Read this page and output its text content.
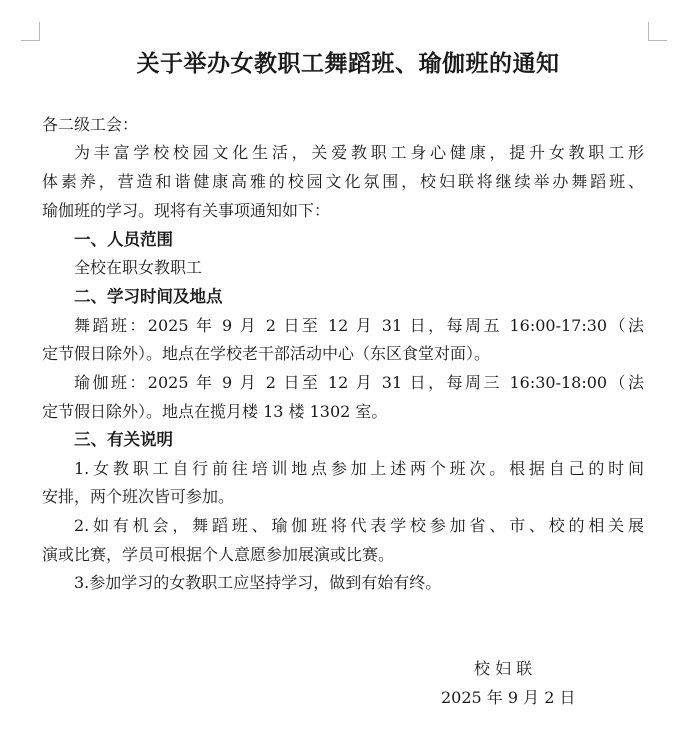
关于举办女教职工舞蹈班、瑜伽班的通知
各二级工会：
为丰富学校校园文化生活，关爱教职工身心健康，提升女教职工形
体素养，营造和谐健康高雅的校园文化氛围，校妇联将继续举办舞蹈班、
瑜伽班的学习。现将有关事项通知如下：
一、人员范围
全校在职女教职工
二、学习时间及地点
舞蹈班：2025 年 9 月 2 日至 12 月 31 日，每周五 16:00-17:30（法
定节假日除外）。地点在学校老干部活动中心（东区食堂对面）。
瑜伽班：2025 年 9 月 2 日至 12 月 31 日，每周三 16:30-18:00（法
定节假日除外）。地点在揽月楼 13 楼 1302 室。
三、有关说明
1.女教职工自行前往培训地点参加上述两个班次。根据自己的时间
安排，两个班次皆可参加。
2.如有机会，舞蹈班、瑜伽班将代表学校参加省、市、校的相关展
演或比赛，学员可根据个人意愿参加展演或比赛。
3.参加学习的女教职工应坚持学习，做到有始有终。
校 妇 联
2025 年 9 月 2 日
